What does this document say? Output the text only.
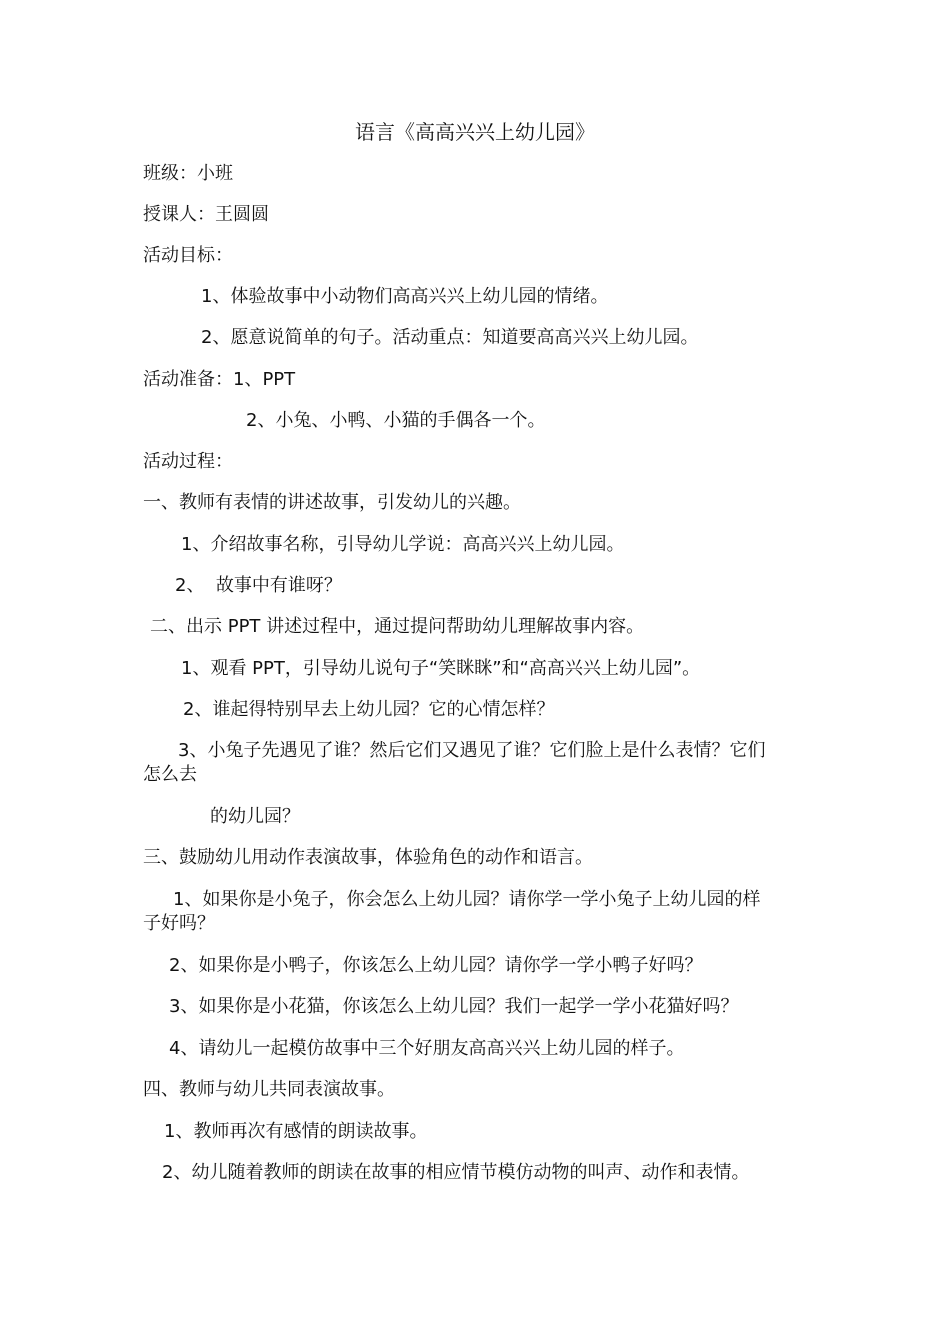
语言《高高兴兴上幼儿园》
班级：小班
授课人：王圆圆
活动目标：
1、体验故事中小动物们高高兴兴上幼儿园的情绪。
2、愿意说简单的句子。活动重点：知道要高高兴兴上幼儿园。
活动准备：1、PPT
2、小兔、小鸭、小猫的手偶各一个。
活动过程：
一、教师有表情的讲述故事，引发幼儿的兴趣。
1、介绍故事名称，引导幼儿学说：高高兴兴上幼儿园。
2、  故事中有谁呀？
二、出示 PPT 讲述过程中，通过提问帮助幼儿理解故事内容。
1、观看 PPT，引导幼儿说句子“笑眯眯”和“高高兴兴上幼儿园”。
2、谁起得特别早去上幼儿园？它的心情怎样？
3、小兔子先遇见了谁？然后它们又遇见了谁？它们脸上是什么表情？它们
怎么去
的幼儿园？
三、鼓励幼儿用动作表演故事，体验角色的动作和语言。
1、如果你是小兔子，你会怎么上幼儿园？请你学一学小兔子上幼儿园的样
子好吗？
2、如果你是小鸭子，你该怎么上幼儿园？请你学一学小鸭子好吗？
3、如果你是小花猫，你该怎么上幼儿园？我们一起学一学小花猫好吗？
4、请幼儿一起模仿故事中三个好朋友高高兴兴上幼儿园的样子。
四、教师与幼儿共同表演故事。
1、教师再次有感情的朗读故事。
2、幼儿随着教师的朗读在故事的相应情节模仿动物的叫声、动作和表情。
